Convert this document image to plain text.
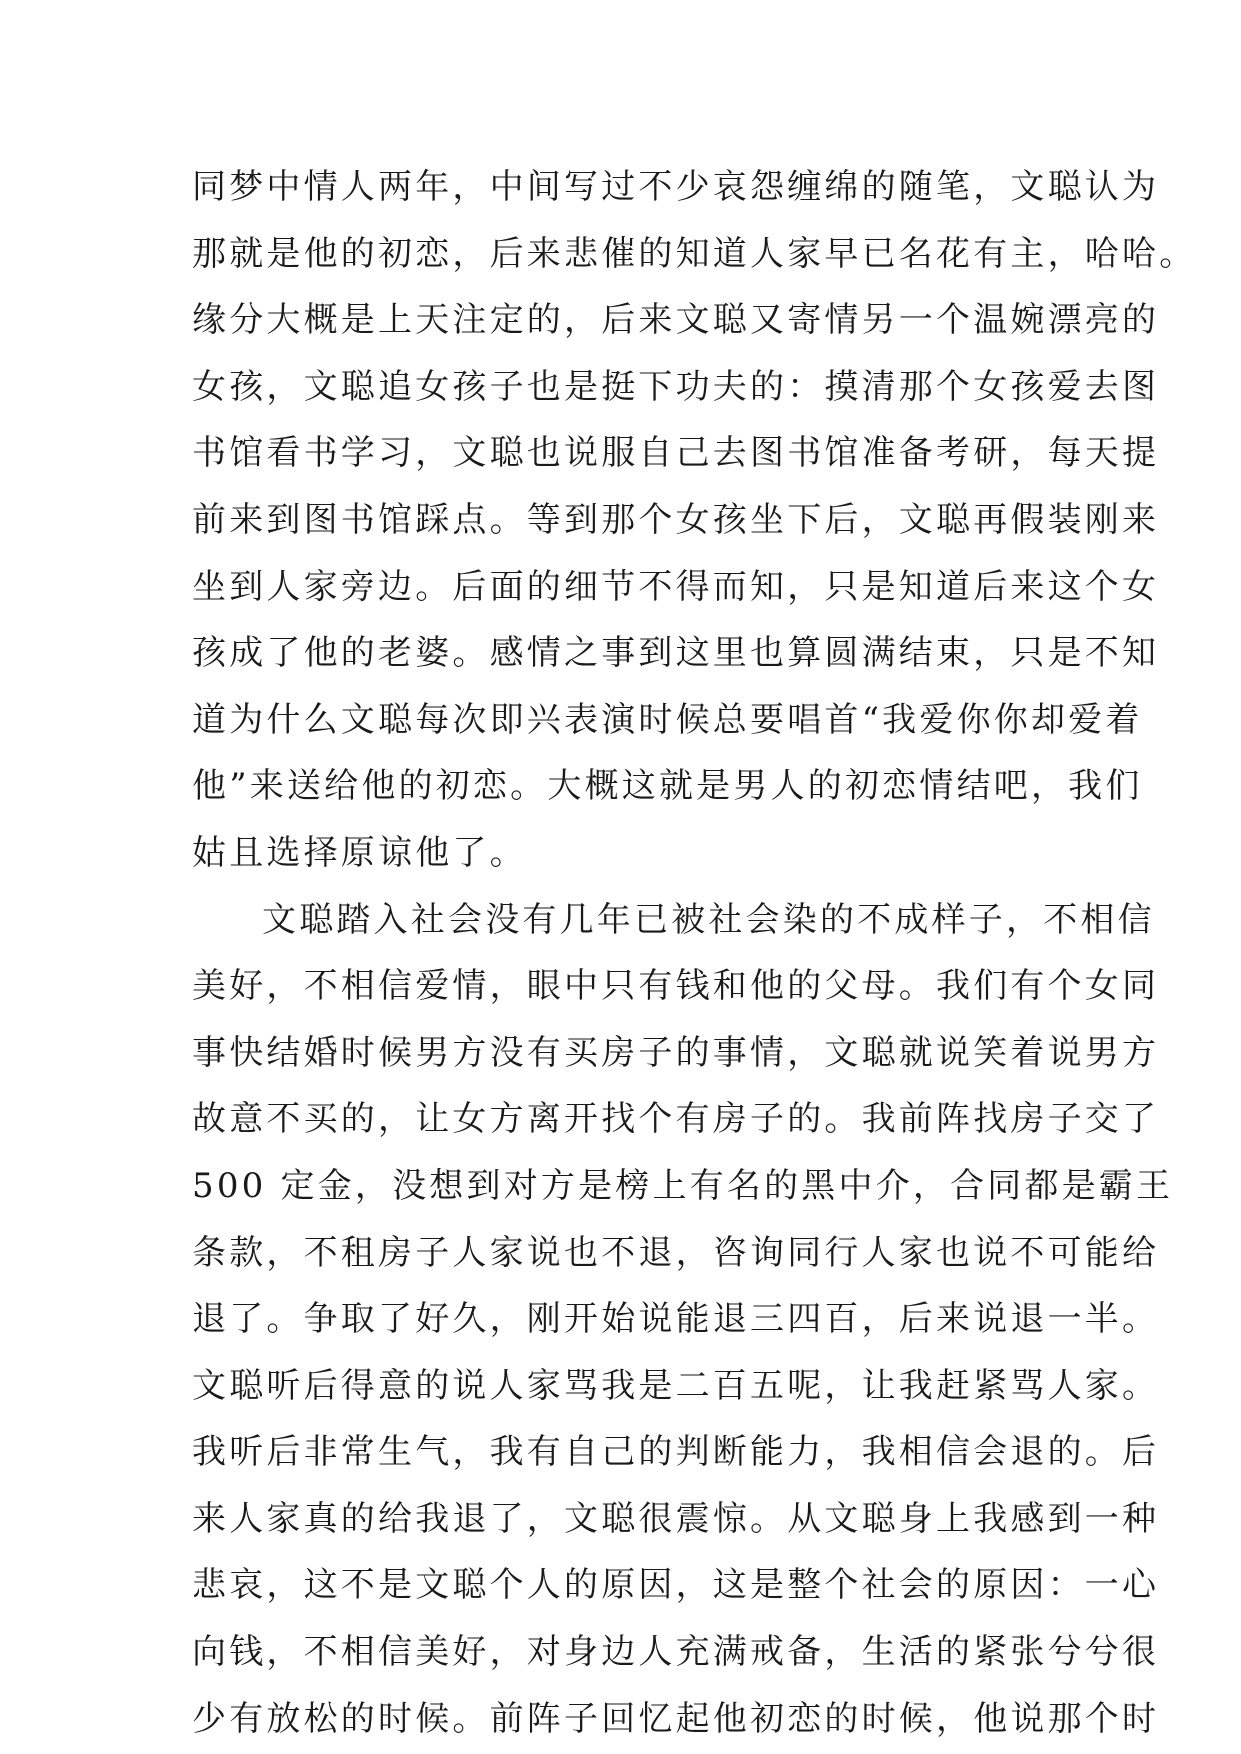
同梦中情人两年，中间写过不少哀怨缠绵的随笔，文聪认为
那就是他的初恋，后来悲催的知道人家早已名花有主，哈哈。
缘分大概是上天注定的，后来文聪又寄情另一个温婉漂亮的
女孩，文聪追女孩子也是挺下功夫的：摸清那个女孩爱去图
书馆看书学习，文聪也说服自己去图书馆准备考研，每天提
前来到图书馆踩点。等到那个女孩坐下后，文聪再假装刚来
坐到人家旁边。后面的细节不得而知，只是知道后来这个女
孩成了他的老婆。感情之事到这里也算圆满结束，只是不知
道为什么文聪每次即兴表演时候总要唱首“我爱你你却爱着
他”来送给他的初恋。大概这就是男人的初恋情结吧，我们
姑且选择原谅他了。
文聪踏入社会没有几年已被社会染的不成样子，不相信
美好，不相信爱情，眼中只有钱和他的父母。我们有个女同
事快结婚时候男方没有买房子的事情，文聪就说笑着说男方
故意不买的，让女方离开找个有房子的。我前阵找房子交了
500 定金，没想到对方是榜上有名的黑中介，合同都是霸王
条款，不租房子人家说也不退，咨询同行人家也说不可能给
退了。争取了好久，刚开始说能退三四百，后来说退一半。
文聪听后得意的说人家骂我是二百五呢，让我赶紧骂人家。
我听后非常生气，我有自己的判断能力，我相信会退的。后
来人家真的给我退了，文聪很震惊。从文聪身上我感到一种
悲哀，这不是文聪个人的原因，这是整个社会的原因：一心
向钱，不相信美好，对身边人充满戒备，生活的紧张兮兮很
少有放松的时候。前阵子回忆起他初恋的时候，他说那个时
